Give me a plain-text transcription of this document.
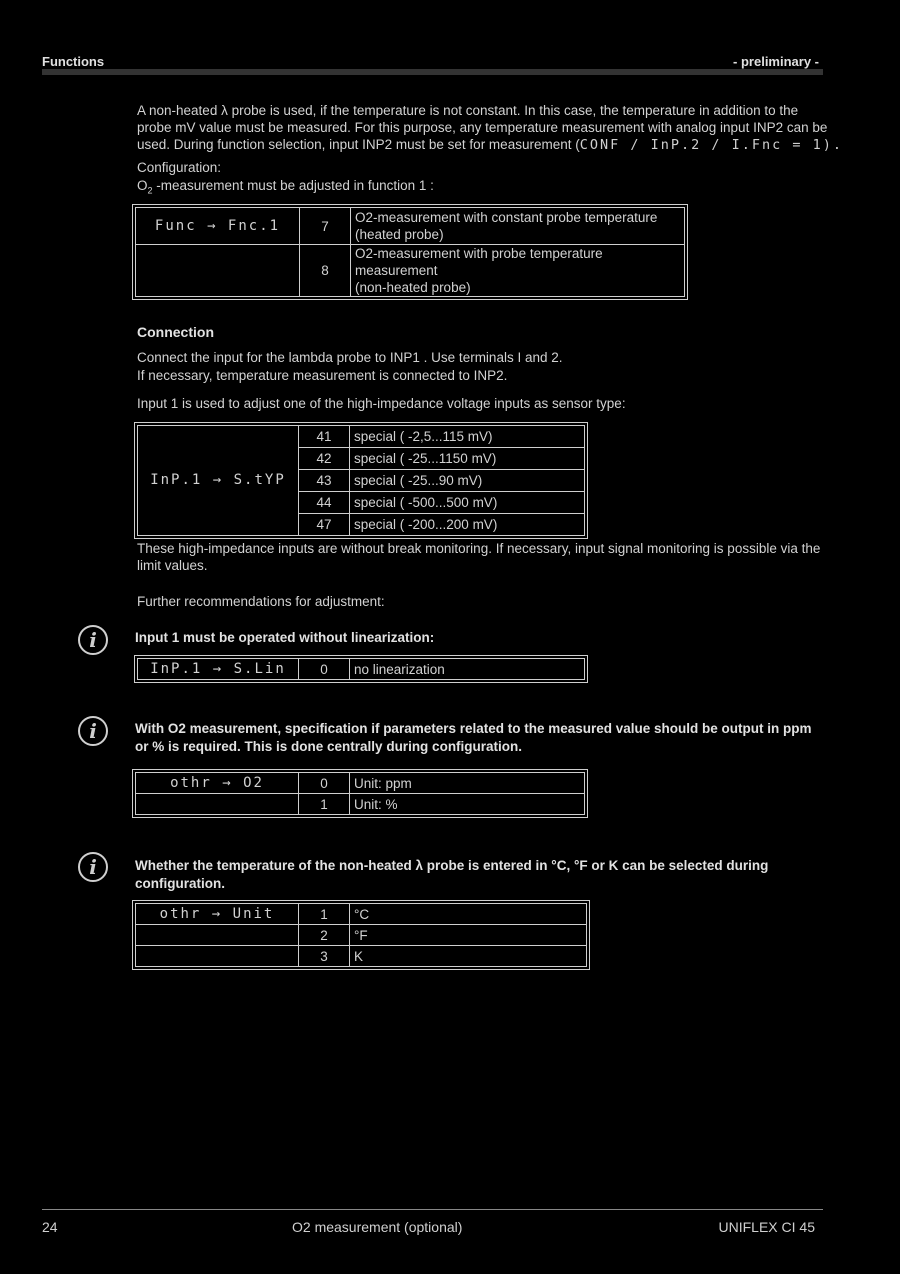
Functions	- preliminary -
A non-heated λ probe is used, if the temperature is not constant. In this case, the temperature in addition to the
probe mV value must be measured. For this purpose, any temperature measurement with analog input INP2 can be
used. During function selection, input INP2 must be set for measurement (CONF / InP.2 / I.Fnc = 1).
Configuration:
$O_2$ -measurement must be adjusted in function 1 :
Func → Fnc.1	7	O2-measurement with constant probe temperature
(heated probe)
	8	O2-measurement with probe temperature measurement
(non-heated probe)
Connection
Connect the input for the lambda probe to INP1 . Use terminals I and 2.
If necessary, temperature measurement is connected to INP2.
Input 1 is used to adjust one of the high-impedance voltage inputs as sensor type:
InP.1 → S.tYP	41	special ( -2,5...115 mV)
	42	special ( -25...1150 mV)
	43	special ( -25...90 mV)
	44	special ( -500...500 mV)
	47	special ( -200...200 mV)
These high-impedance inputs are without break monitoring. If necessary, input signal monitoring is possible via the
limit values.
Further recommendations for adjustment:
i	Input 1 must be operated without linearization:
InP.1 → S.Lin	0	no linearization
i	With O2 measurement, specification if parameters related to the measured value should be output in ppm
or % is required. This is done centrally during configuration.
othr → O2	0	Unit: ppm
	1	Unit: %
i	Whether the temperature of the non-heated λ probe is entered in °C, °F or K can be selected during
configuration.
othr → Unit	1	°C
	2	°F
	3	K
24	O2 measurement (optional)	UNIFLEX CI 45
